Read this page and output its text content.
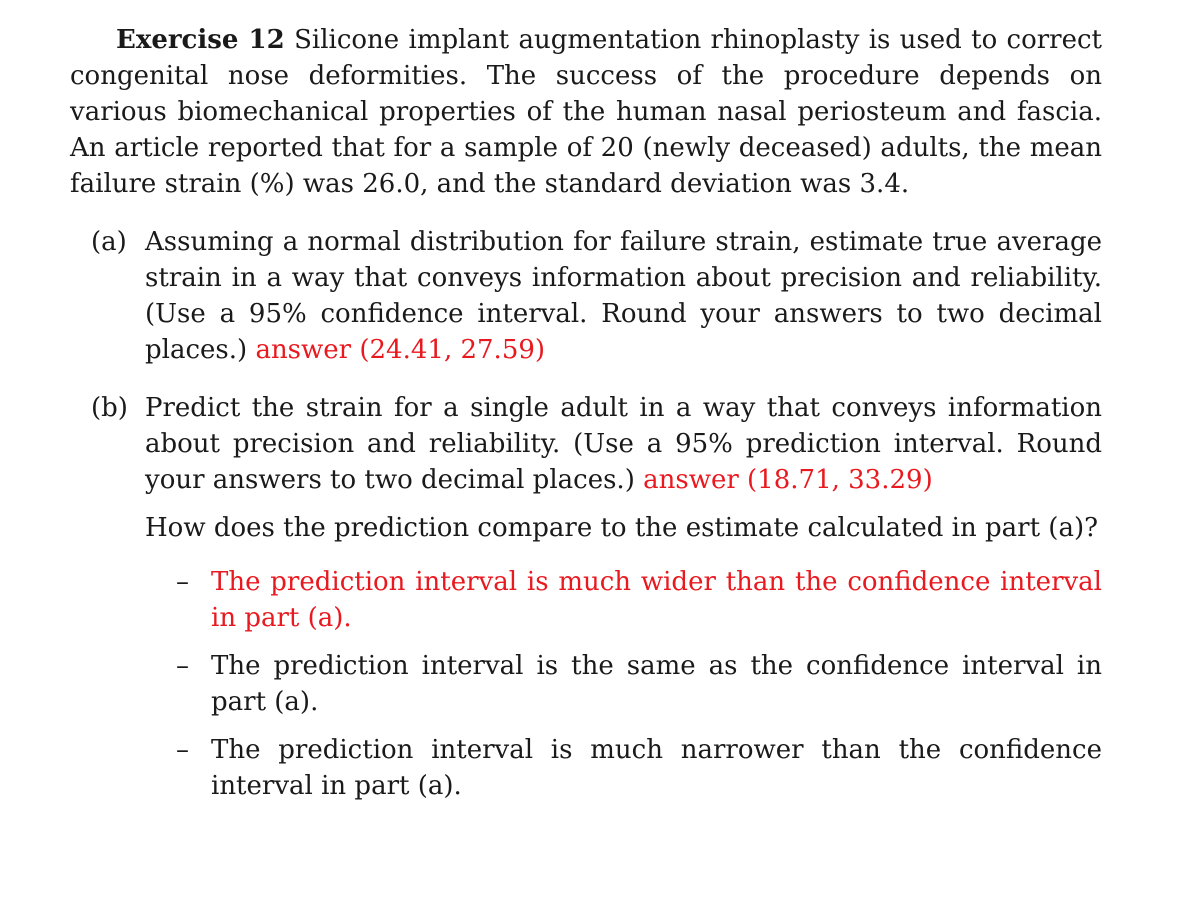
Exercise 12 Silicone implant augmentation rhinoplasty is used to correct congenital nose deformities. The success of the procedure depends on various biomechanical properties of the human nasal periosteum and fascia. An article reported that for a sample of 20 (newly deceased) adults, the mean failure strain (%) was 26.0, and the standard deviation was 3.4.

(a) Assuming a normal distribution for failure strain, estimate true average strain in a way that conveys information about precision and reliability. (Use a 95% confidence interval. Round your answers to two decimal places.) answer (24.41, 27.59)

(b) Predict the strain for a single adult in a way that conveys information about precision and reliability. (Use a 95% prediction interval. Round your answers to two decimal places.) answer (18.71, 33.29)

How does the prediction compare to the estimate calculated in part (a)?

– The prediction interval is much wider than the confidence interval in part (a).
– The prediction interval is the same as the confidence interval in part (a).
– The prediction interval is much narrower than the confidence interval in part (a).
